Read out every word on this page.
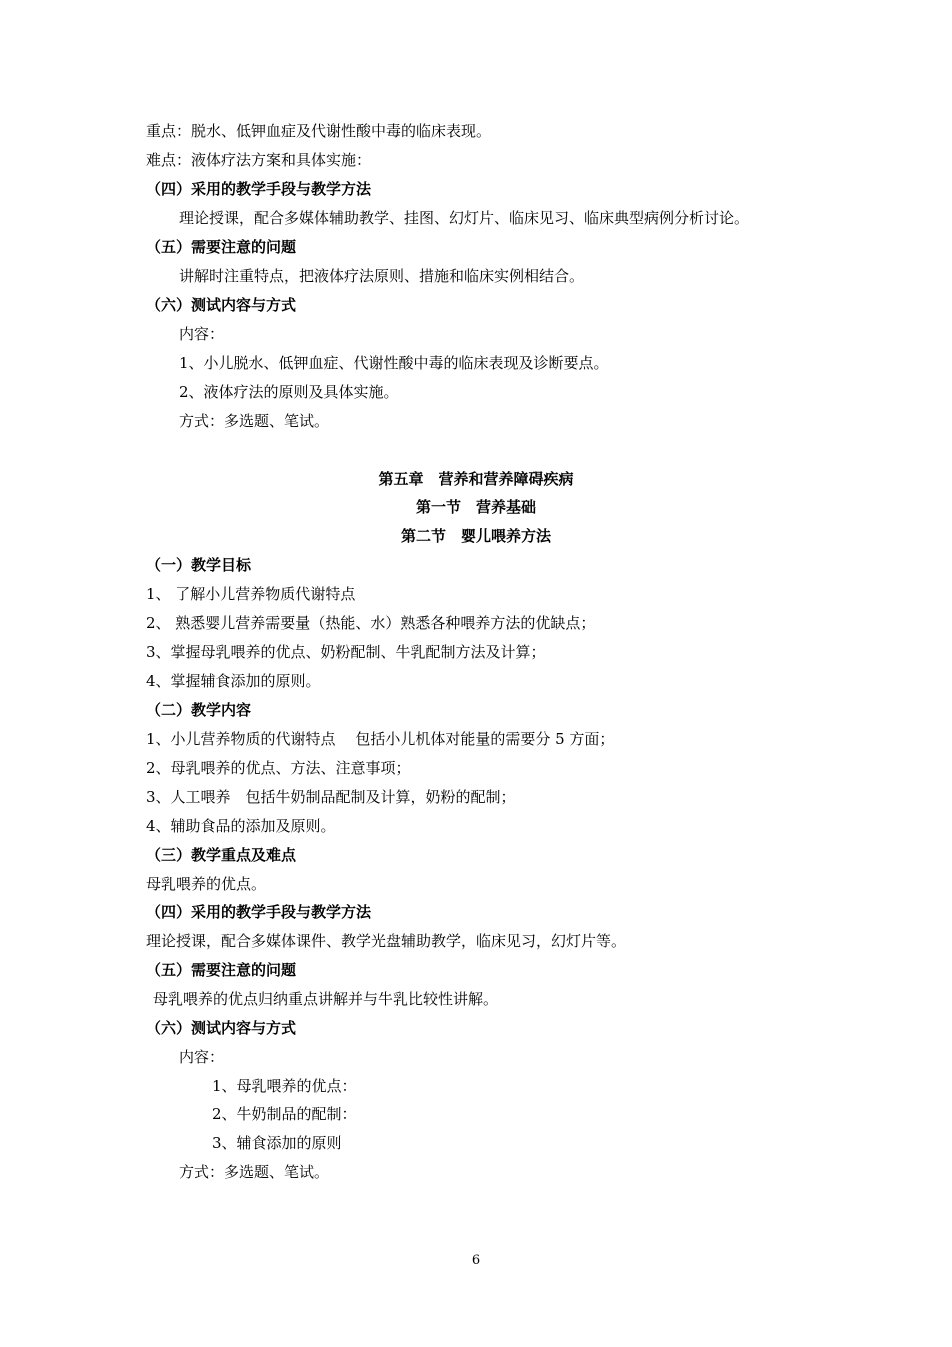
重点：脱水、低钾血症及代谢性酸中毒的临床表现。

难点：液体疗法方案和具体实施：

（四）采用的教学手段与教学方法

理论授课，配合多媒体辅助教学、挂图、幻灯片、临床见习、临床典型病例分析讨论。

（五）需要注意的问题

讲解时注重特点，把液体疗法原则、措施和临床实例相结合。

（六）测试内容与方式

内容：

1、小儿脱水、低钾血症、代谢性酸中毒的临床表现及诊断要点。

2、液体疗法的原则及具体实施。

方式：多选题、笔试。

第五章　营养和营养障碍疾病

第一节　营养基础

第二节　婴儿喂养方法

（一）教学目标

1、 了解小儿营养物质代谢特点

2、 熟悉婴儿营养需要量（热能、水）熟悉各种喂养方法的优缺点；

3、掌握母乳喂养的优点、奶粉配制、牛乳配制方法及计算；

4、掌握辅食添加的原则。

（二）教学内容

1、小儿营养物质的代谢特点　 包括小儿机体对能量的需要分 5 方面；

2、母乳喂养的优点、方法、注意事项；

3、人工喂养　包括牛奶制品配制及计算，奶粉的配制；

4、辅助食品的添加及原则。

（三）教学重点及难点

母乳喂养的优点。

（四）采用的教学手段与教学方法

理论授课，配合多媒体课件、教学光盘辅助教学，临床见习，幻灯片等。

（五）需要注意的问题

母乳喂养的优点归纳重点讲解并与牛乳比较性讲解。

（六）测试内容与方式

内容：

1、母乳喂养的优点：

2、牛奶制品的配制：

3、辅食添加的原则

方式：多选题、笔试。

6
